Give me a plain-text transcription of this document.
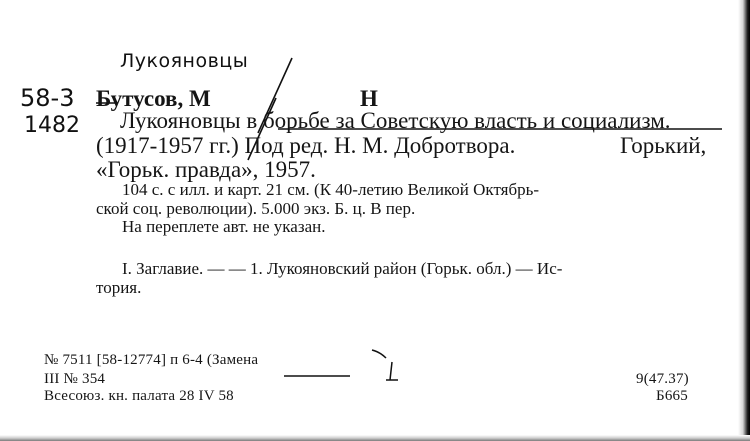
Лукояновцы
58-3
1482
Бутусов, М	Н
Лукояновцы в борьбе за Советскую власть и социализм.
(1917-1957 гг.) Под ред. Н. М. Добротвора.	Горький,
«Горьк. правда», 1957.
104 с. с илл. и карт. 21 см. (К 40-летию Великой Октябрь-
ской соц. революции). 5.000 экз. Б. ц. В пер.
На переплете авт. не указан.
I. Заглавие. — — 1. Лукояновский район (Горьк. обл.) — Ис-
тория.
№ 7511 [58-12774] п 6-4 (Замена
III № 354
Всесоюз. кн. палата 28 IV 58
9(47.37)
Б665
